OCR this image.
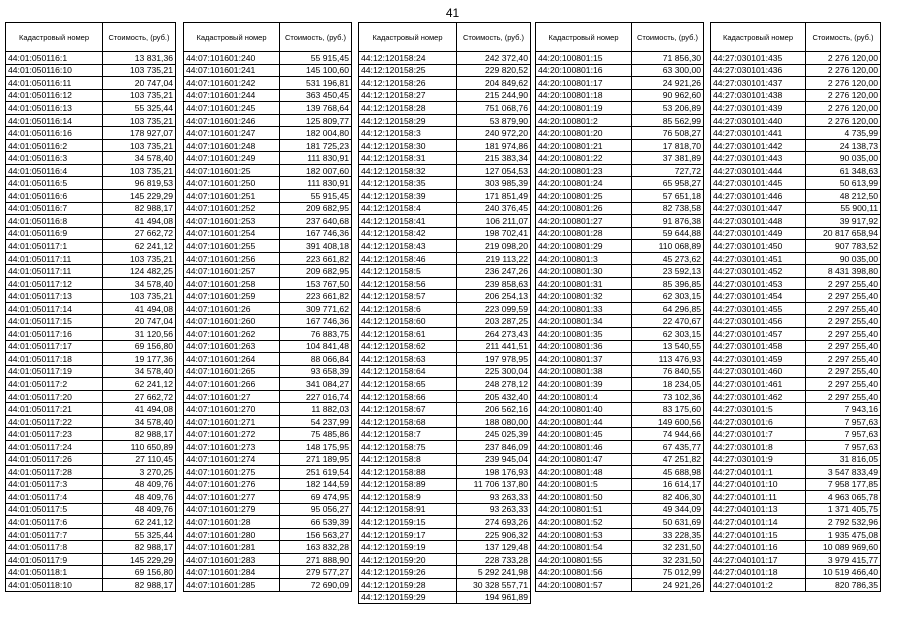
41
Кадастровый номер	Стоимость, (руб.)
44:01:050116:1	13 831,36
44:01:050116:10	103 735,21
44:01:050116:11	20 747,04
44:01:050116:12	103 735,21
44:01:050116:13	55 325,44
44:01:050116:14	103 735,21
44:01:050116:16	178 927,07
44:01:050116:2	103 735,21
44:01:050116:3	34 578,40
44:01:050116:4	103 735,21
44:01:050116:5	96 819,53
44:01:050116:6	145 229,29
44:01:050116:7	82 988,17
44:01:050116:8	41 494,08
44:01:050116:9	27 662,72
44:01:050117:1	62 241,12
44:01:050117:11	103 735,21
44:01:050117:11	124 482,25
44:01:050117:12	34 578,40
44:01:050117:13	103 735,21
44:01:050117:14	41 494,08
44:01:050117:15	20 747,04
44:01:050117:16	31 120,56
44:01:050117:17	69 156,80
44:01:050117:18	19 177,36
44:01:050117:19	34 578,40
44:01:050117:2	62 241,12
44:01:050117:20	27 662,72
44:01:050117:21	41 494,08
44:01:050117:22	34 578,40
44:01:050117:23	82 988,17
44:01:050117:24	110 650,89
44:01:050117:26	27 110,45
44:01:050117:28	3 270,25
44:01:050117:3	48 409,76
44:01:050117:4	48 409,76
44:01:050117:5	48 409,76
44:01:050117:6	62 241,12
44:01:050117:7	55 325,44
44:01:050117:8	82 988,17
44:01:050117:9	145 229,29
44:01:050118:1	69 156,80
44:01:050118:10	82 988,17
Кадастровый номер	Стоимость, (руб.)
44:07:101601:240	55 915,45
44:07:101601:241	145 100,60
44:07:101601:242	531 196,81
44:07:101601:244	363 450,45
44:07:101601:245	139 768,64
44:07:101601:246	125 809,77
44:07:101601:247	182 004,80
44:07:101601:248	181 725,23
44:07:101601:249	111 830,91
44:07:101601:25	182 007,60
44:07:101601:250	111 830,91
44:07:101601:251	55 915,45
44:07:101601:252	209 682,95
44:07:101601:253	237 640,68
44:07:101601:254	167 746,36
44:07:101601:255	391 408,18
44:07:101601:256	223 661,82
44:07:101601:257	209 682,95
44:07:101601:258	153 767,50
44:07:101601:259	223 661,82
44:07:101601:26	309 771,62
44:07:101601:260	167 746,36
44:07:101601:262	76 883,75
44:07:101601:263	104 841,48
44:07:101601:264	88 066,84
44:07:101601:265	93 658,39
44:07:101601:266	341 084,27
44:07:101601:27	227 016,74
44:07:101601:270	11 882,03
44:07:101601:271	54 237,99
44:07:101601:272	75 485,86
44:07:101601:273	148 175,95
44:07:101601:274	271 189,95
44:07:101601:275	251 619,54
44:07:101601:276	182 144,59
44:07:101601:277	69 474,95
44:07:101601:279	95 056,27
44:07:101601:28	66 539,39
44:07:101601:280	156 563,27
44:07:101601:281	163 832,28
44:07:101601:283	271 888,90
44:07:101601:284	279 577,27
44:07:101601:285	72 690,09
Кадастровый номер	Стоимость, (руб.)
44:12:120158:24	242 372,40
44:12:120158:25	229 820,52
44:12:120158:26	204 849,62
44:12:120158:27	215 244,90
44:12:120158:28	751 068,76
44:12:120158:29	53 879,90
44:12:120158:3	240 972,20
44:12:120158:30	181 974,86
44:12:120158:31	215 383,34
44:12:120158:32	127 054,53
44:12:120158:35	303 985,39
44:12:120158:39	171 851,49
44:12:120158:4	240 376,45
44:12:120158:41	106 211,07
44:12:120158:42	198 702,41
44:12:120158:43	219 098,20
44:12:120158:46	219 113,22
44:12:120158:5	236 247,26
44:12:120158:56	239 858,63
44:12:120158:57	206 254,13
44:12:120158:6	223 099,59
44:12:120158:60	203 287,25
44:12:120158:61	264 273,43
44:12:120158:62	211 441,51
44:12:120158:63	197 978,95
44:12:120158:64	225 300,04
44:12:120158:65	248 278,12
44:12:120158:66	205 432,40
44:12:120158:67	206 562,16
44:12:120158:68	188 080,00
44:12:120158:7	245 025,39
44:12:120158:75	237 846,09
44:12:120158:8	239 945,04
44:12:120158:88	198 176,93
44:12:120158:89	11 706 137,80
44:12:120158:9	93 263,33
44:12:120158:91	93 263,33
44:12:120159:15	274 693,26
44:12:120159:17	225 906,32
44:12:120159:19	137 129,48
44:12:120159:20	228 733,28
44:12:120159:26	5 292 241,98
44:12:120159:28	30 328 557,71
44:12:120159:29	194 961,89
Кадастровый номер	Стоимость, (руб.)
44:20:100801:15	71 856,30
44:20:100801:16	63 300,00
44:20:100801:17	24 921,26
44:20:100801:18	90 962,60
44:20:100801:19	53 206,89
44:20:100801:2	85 562,99
44:20:100801:20	76 508,27
44:20:100801:21	17 818,70
44:20:100801:22	37 381,89
44:20:100801:23	727,72
44:20:100801:24	65 958,27
44:20:100801:25	57 651,18
44:20:100801:26	82 738,58
44:20:100801:27	91 876,38
44:20:100801:28	59 644,88
44:20:100801:29	110 068,89
44:20:100801:3	45 273,62
44:20:100801:30	23 592,13
44:20:100801:31	85 396,85
44:20:100801:32	62 303,15
44:20:100801:33	64 296,85
44:20:100801:34	22 470,67
44:20:100801:35	62 303,15
44:20:100801:36	13 540,55
44:20:100801:37	113 476,93
44:20:100801:38	76 840,55
44:20:100801:39	18 234,05
44:20:100801:4	73 102,36
44:20:100801:40	83 175,60
44:20:100801:44	149 600,56
44:20:100801:45	74 944,66
44:20:100801:46	67 435,77
44:20:100801:47	47 251,82
44:20:100801:48	45 688,98
44:20:100801:5	16 614,17
44:20:100801:50	82 406,30
44:20:100801:51	49 344,09
44:20:100801:52	50 631,69
44:20:100801:53	33 228,35
44:20:100801:54	32 231,50
44:20:100801:55	32 231,50
44:20:100801:56	75 012,99
44:20:100801:57	24 921,26
Кадастровый номер	Стоимость, (руб.)
44:27:030101:435	2 276 120,00
44:27:030101:436	2 276 120,00
44:27:030101:437	2 276 120,00
44:27:030101:438	2 276 120,00
44:27:030101:439	2 276 120,00
44:27:030101:440	2 276 120,00
44:27:030101:441	4 735,99
44:27:030101:442	24 138,73
44:27:030101:443	90 035,00
44:27:030101:444	61 348,63
44:27:030101:445	50 613,99
44:27:030101:446	48 212,50
44:27:030101:447	55 900,11
44:27:030101:448	39 917,92
44:27:030101:449	20 817 658,94
44:27:030101:450	907 783,52
44:27:030101:451	90 035,00
44:27:030101:452	8 431 398,80
44:27:030101:453	2 297 255,40
44:27:030101:454	2 297 255,40
44:27:030101:455	2 297 255,40
44:27:030101:456	2 297 255,40
44:27:030101:457	2 297 255,40
44:27:030101:458	2 297 255,40
44:27:030101:459	2 297 255,40
44:27:030101:460	2 297 255,40
44:27:030101:461	2 297 255,40
44:27:030101:462	2 297 255,40
44:27:030101:5	7 943,16
44:27:030101:6	7 957,63
44:27:030101:7	7 957,63
44:27:030101:8	7 957,63
44:27:030101:9	31 816,05
44:27:040101:1	3 547 833,49
44:27:040101:10	7 958 177,85
44:27:040101:11	4 963 065,78
44:27:040101:13	1 371 405,75
44:27:040101:14	2 792 532,96
44:27:040101:15	1 935 475,08
44:27:040101:16	10 089 969,60
44:27:040101:17	3 979 415,77
44:27:040101:18	10 519 466,40
44:27:040101:2	820 786,35
